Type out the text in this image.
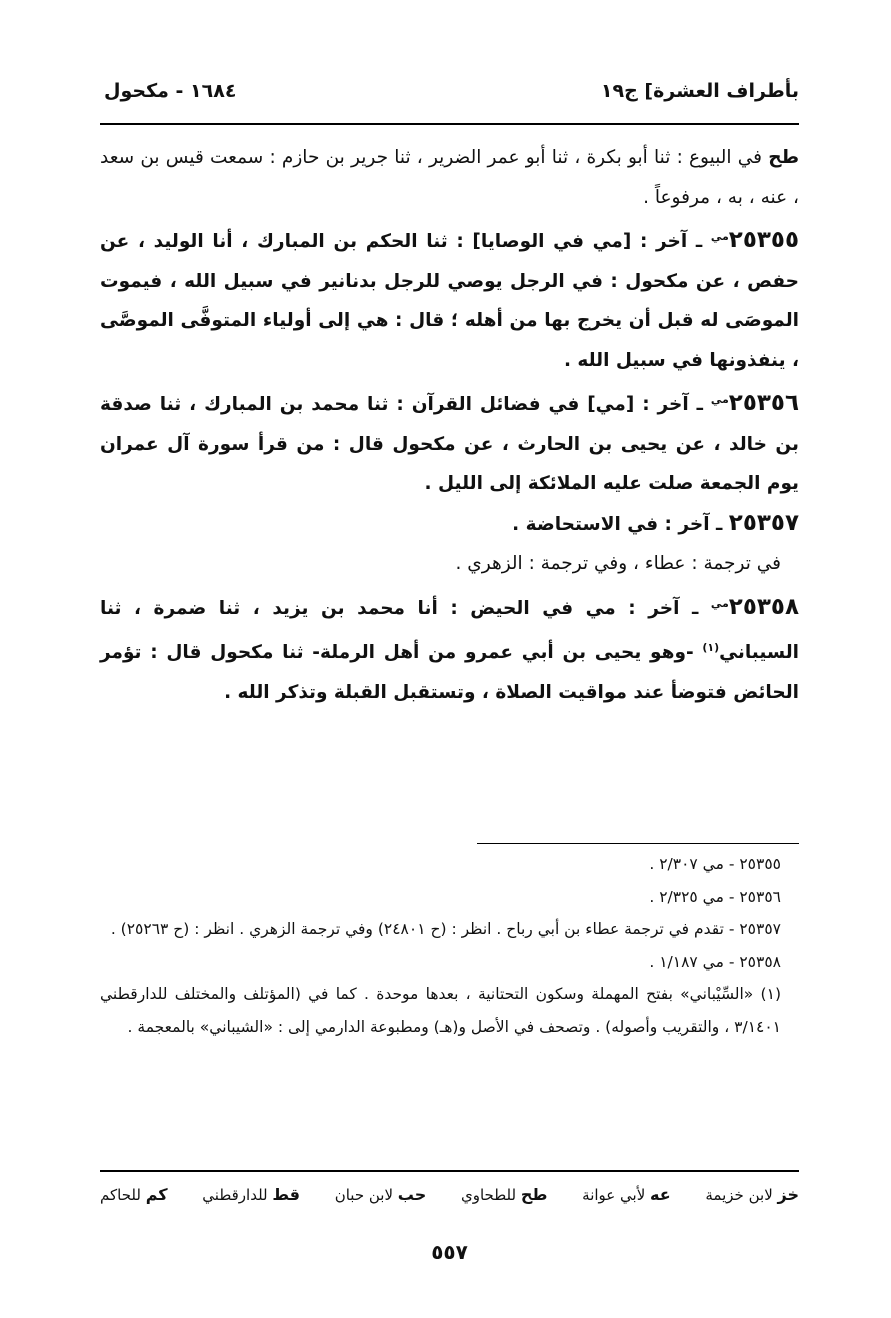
بأطراف العشرة] ج١٩
١٦٨٤ - مكحول

طح في البيوع : ثنا أبو بكرة ، ثنا أبو عمر الضرير ، ثنا جرير بن حازم : سمعت قيس بن سعد ، عنه ، به ، مرفوعاً .

$٢٥٣٥٥^{مي}$ ـ آخر : [مي في الوصايا] : ثنا الحكم بن المبارك ، أنا الوليد ، عن حفص ، عن مكحول : في الرجل يوصي للرجل بدنانير في سبيل الله ، فيموت الموصَى له قبل أن يخرج بها من أهله ؛ قال : هي إلى أولياء المتوفَّى الموصَّى ، ينفذونها في سبيل الله .

$٢٥٣٥٦^{مي}$ ـ آخر : [مي] في فضائل القرآن : ثنا محمد بن المبارك ، ثنا صدقة بن خالد ، عن يحيى بن الحارث ، عن مكحول قال : من قرأ سورة آل عمران يوم الجمعة صلت عليه الملائكة إلى الليل .

٢٥٣٥٧ ـ آخر : في الاستحاضة .

في ترجمة : عطاء ، وفي ترجمة : الزهري .

$٢٥٣٥٨^{مي}$ ـ آخر : مي في الحيض : أنا محمد بن يزيد ، ثنا ضمرة ، ثنا السيباني$^{(١)}$ -وهو يحيى بن أبي عمرو من أهل الرملة- ثنا مكحول قال : تؤمر الحائض فتوضأ عند مواقيت الصلاة ، وتستقبل القبلة وتذكر الله .

٢٥٣٥٥ - مي ٢/٣٠٧ .

٢٥٣٥٦ - مي ٢/٣٢٥ .

٢٥٣٥٧ - تقدم في ترجمة عطاء بن أبي رباح . انظر : (ح ٢٤٨٠١) وفي ترجمة الزهري . انظر : (ح ٢٥٢٦٣) .

٢٥٣٥٨ - مي ١/١٨٧ .

(١) «السِّيْباني» بفتح المهملة وسكون التحتانية ، بعدها موحدة . كما في (المؤتلف والمختلف للدارقطني ٣/١٤٠١ ، والتقريب وأصوله) . وتصحف في الأصل و(هـ) ومطبوعة الدارمي إلى : «الشيباني» بالمعجمة .

خز لابن خزيمة
عه لأبي عوانة
طح للطحاوي
حب لابن حبان
قط للدارقطني
كم للحاكم
٥٥٧
